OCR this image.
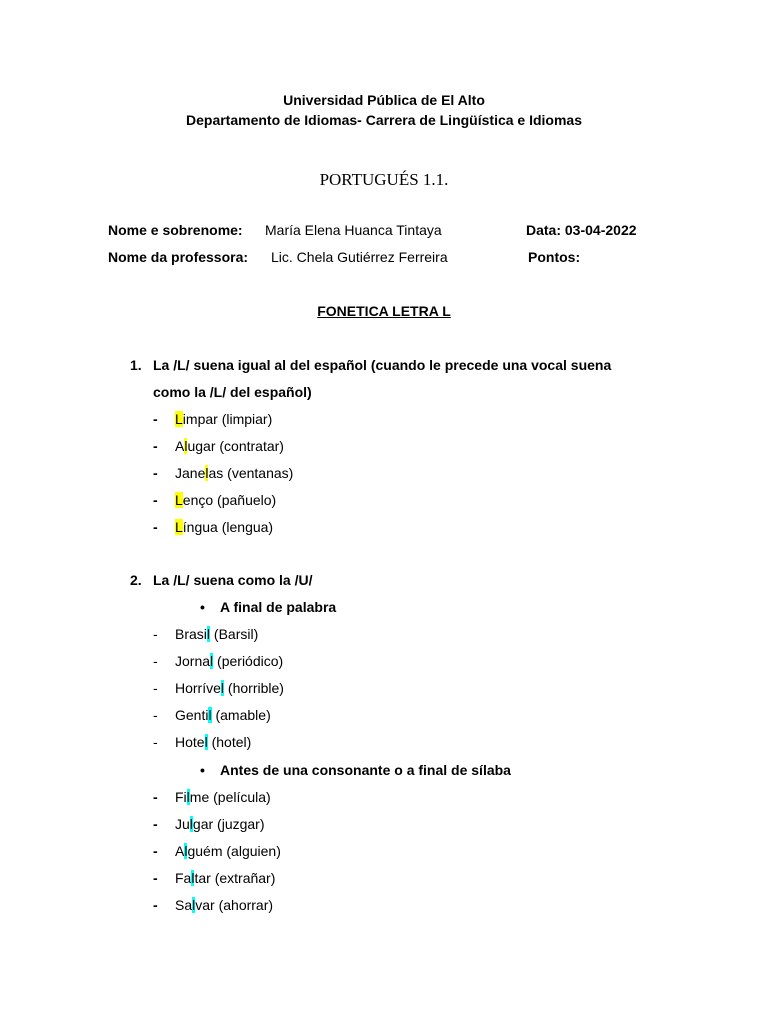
Universidad Pública de El Alto
Departamento de Idiomas- Carrera de Lingüística e Idiomas
PORTUGUÉS 1.1.
Nome e sobrenome: María Elena Huanca Tintaya	Data: 03-04-2022
Nome da professora: Lic. Chela Gutiérrez Ferreira	Pontos:
FONETICA LETRA L
1. La /L/ suena igual al del español (cuando le precede una vocal suena
como la /L/ del español)
- Limpar (limpiar)
- Alugar (contratar)
- Janelas (ventanas)
- Lenço (pañuelo)
- Língua (lengua)
2. La /L/ suena como la /U/
• A final de palabra
- Brasil (Barsil)
- Jornal (periódico)
- Horrível (horrible)
- Gentil (amable)
- Hotel (hotel)
• Antes de una consonante o a final de sílaba
- Filme (película)
- Julgar (juzgar)
- Alguém (alguien)
- Faltar (extrañar)
- Salvar (ahorrar)
